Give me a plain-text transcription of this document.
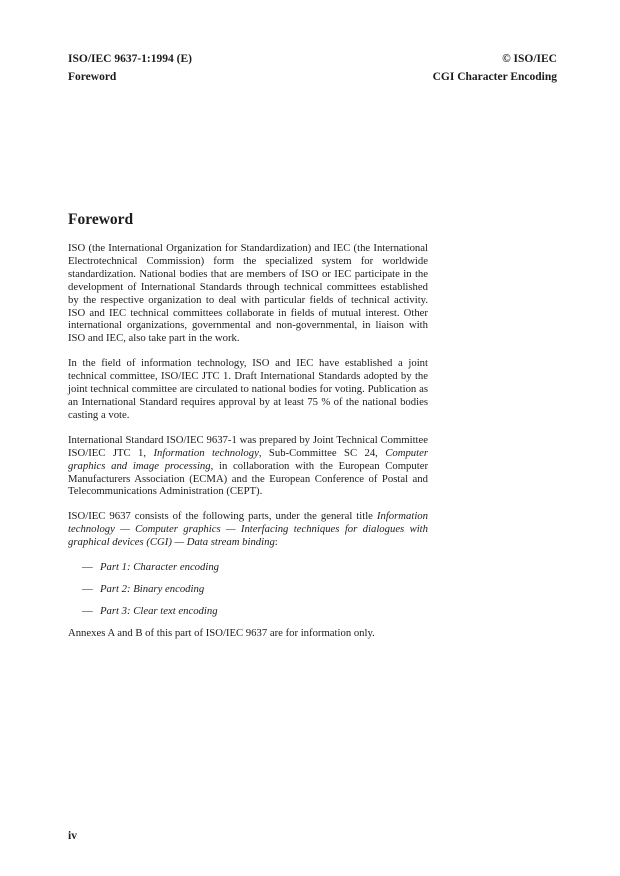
ISO/IEC 9637-1:1994 (E)
Foreword
© ISO/IEC
CGI Character Encoding
Foreword

ISO (the International Organization for Standardization) and IEC (the International Electrotechnical Commission) form the specialized system for worldwide standardization. National bodies that are members of ISO or IEC participate in the development of International Standards through technical committees established by the respective organization to deal with particular fields of technical activity. ISO and IEC technical committees collaborate in fields of mutual interest. Other international organizations, governmental and non-governmental, in liaison with ISO and IEC, also take part in the work.

In the field of information technology, ISO and IEC have established a joint technical committee, ISO/IEC JTC 1. Draft International Standards adopted by the joint technical committee are circulated to national bodies for voting. Publication as an International Standard requires approval by at least 75 % of the national bodies casting a vote.

International Standard ISO/IEC 9637-1 was prepared by Joint Technical Committee ISO/IEC JTC 1, Information technology, Sub-Committee SC 24, Computer graphics and image processing, in collaboration with the European Computer Manufacturers Association (ECMA) and the European Conference of Postal and Telecommunications Administration (CEPT).

ISO/IEC 9637 consists of the following parts, under the general title Information technology — Computer graphics — Interfacing techniques for dialogues with graphical devices (CGI) — Data stream binding:

— Part 1: Character encoding
— Part 2: Binary encoding
— Part 3: Clear text encoding

Annexes A and B of this part of ISO/IEC 9637 are for information only.

iv
